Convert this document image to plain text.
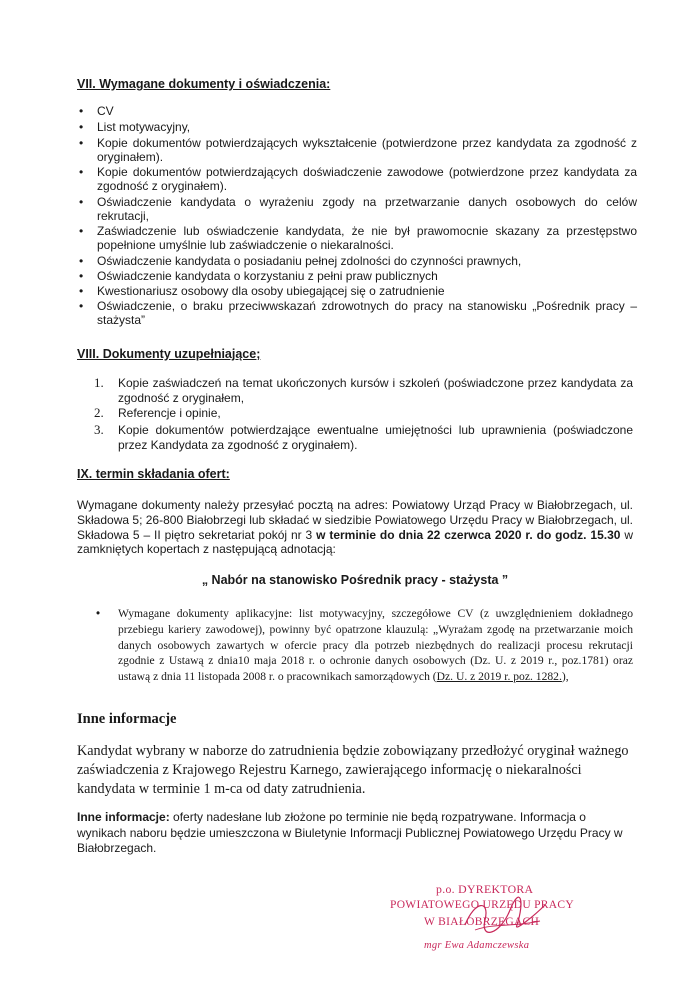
VII. Wymagane dokumenty i oświadczenia:
• CV
• List motywacyjny,
• Kopie dokumentów potwierdzających wykształcenie (potwierdzone przez kandydata za zgodność z oryginałem).
• Kopie dokumentów potwierdzających doświadczenie zawodowe (potwierdzone przez kandydata za zgodność z oryginałem).
• Oświadczenie kandydata o wyrażeniu zgody na przetwarzanie danych osobowych do celów rekrutacji,
• Zaświadczenie lub oświadczenie kandydata, że nie był prawomocnie skazany za przestępstwo popełnione umyślnie lub zaświadczenie o niekaralności.
• Oświadczenie kandydata o posiadaniu pełnej zdolności do czynności prawnych,
• Oświadczenie kandydata o korzystaniu z pełni praw publicznych
• Kwestionariusz osobowy dla osoby ubiegającej się o zatrudnienie
• Oświadczenie, o braku przeciwwskazań zdrowotnych do pracy na stanowisku „Pośrednik pracy – stażysta”
VIII. Dokumenty uzupełniające;
1. Kopie zaświadczeń na temat ukończonych kursów i szkoleń (poświadczone przez kandydata za zgodność z oryginałem,
2. Referencje i opinie,
3. Kopie dokumentów potwierdzające ewentualne umiejętności lub uprawnienia (poświadczone przez Kandydata za zgodność z oryginałem).
IX. termin składania ofert:
Wymagane dokumenty należy przesyłać pocztą na adres: Powiatowy Urząd Pracy w Białobrzegach, ul. Składowa 5; 26-800 Białobrzegi lub składać w siedzibie Powiatowego Urzędu Pracy w Białobrzegach, ul. Składowa 5 – II piętro sekretariat pokój nr 3 w terminie do dnia 22 czerwca 2020 r. do godz. 15.30 w zamkniętych kopertach z następującą adnotacją:
„ Nabór na stanowisko Pośrednik pracy - stażysta ”
• Wymagane dokumenty aplikacyjne: list motywacyjny, szczegółowe CV (z uwzględnieniem dokładnego przebiegu kariery zawodowej), powinny być opatrzone klauzulą: „Wyrażam zgodę na przetwarzanie moich danych osobowych zawartych w ofercie pracy dla potrzeb niezbędnych do realizacji procesu rekrutacji zgodnie z Ustawą z dnia10 maja 2018 r. o ochronie danych osobowych (Dz. U. z 2019 r., poz.1781) oraz ustawą z dnia 11 listopada 2008 r. o pracownikach samorządowych (Dz. U. z 2019 r. poz. 1282.),
Inne informacje
Kandydat wybrany w naborze do zatrudnienia będzie zobowiązany przedłożyć oryginał ważnego zaświadczenia z Krajowego Rejestru Karnego, zawierającego informację o niekaralności kandydata w terminie 1 m-ca od daty zatrudnienia.
Inne informacje: oferty nadesłane lub złożone po terminie nie będą rozpatrywane. Informacja o wynikach naboru będzie umieszczona w Biuletynie Informacji Publicznej Powiatowego Urzędu Pracy w Białobrzegach.
p.o. DYREKTORA
POWIATOWEGO URZĘDU PRACY
W BIAŁOBRZEGACH
mgr Ewa Adamczewska
